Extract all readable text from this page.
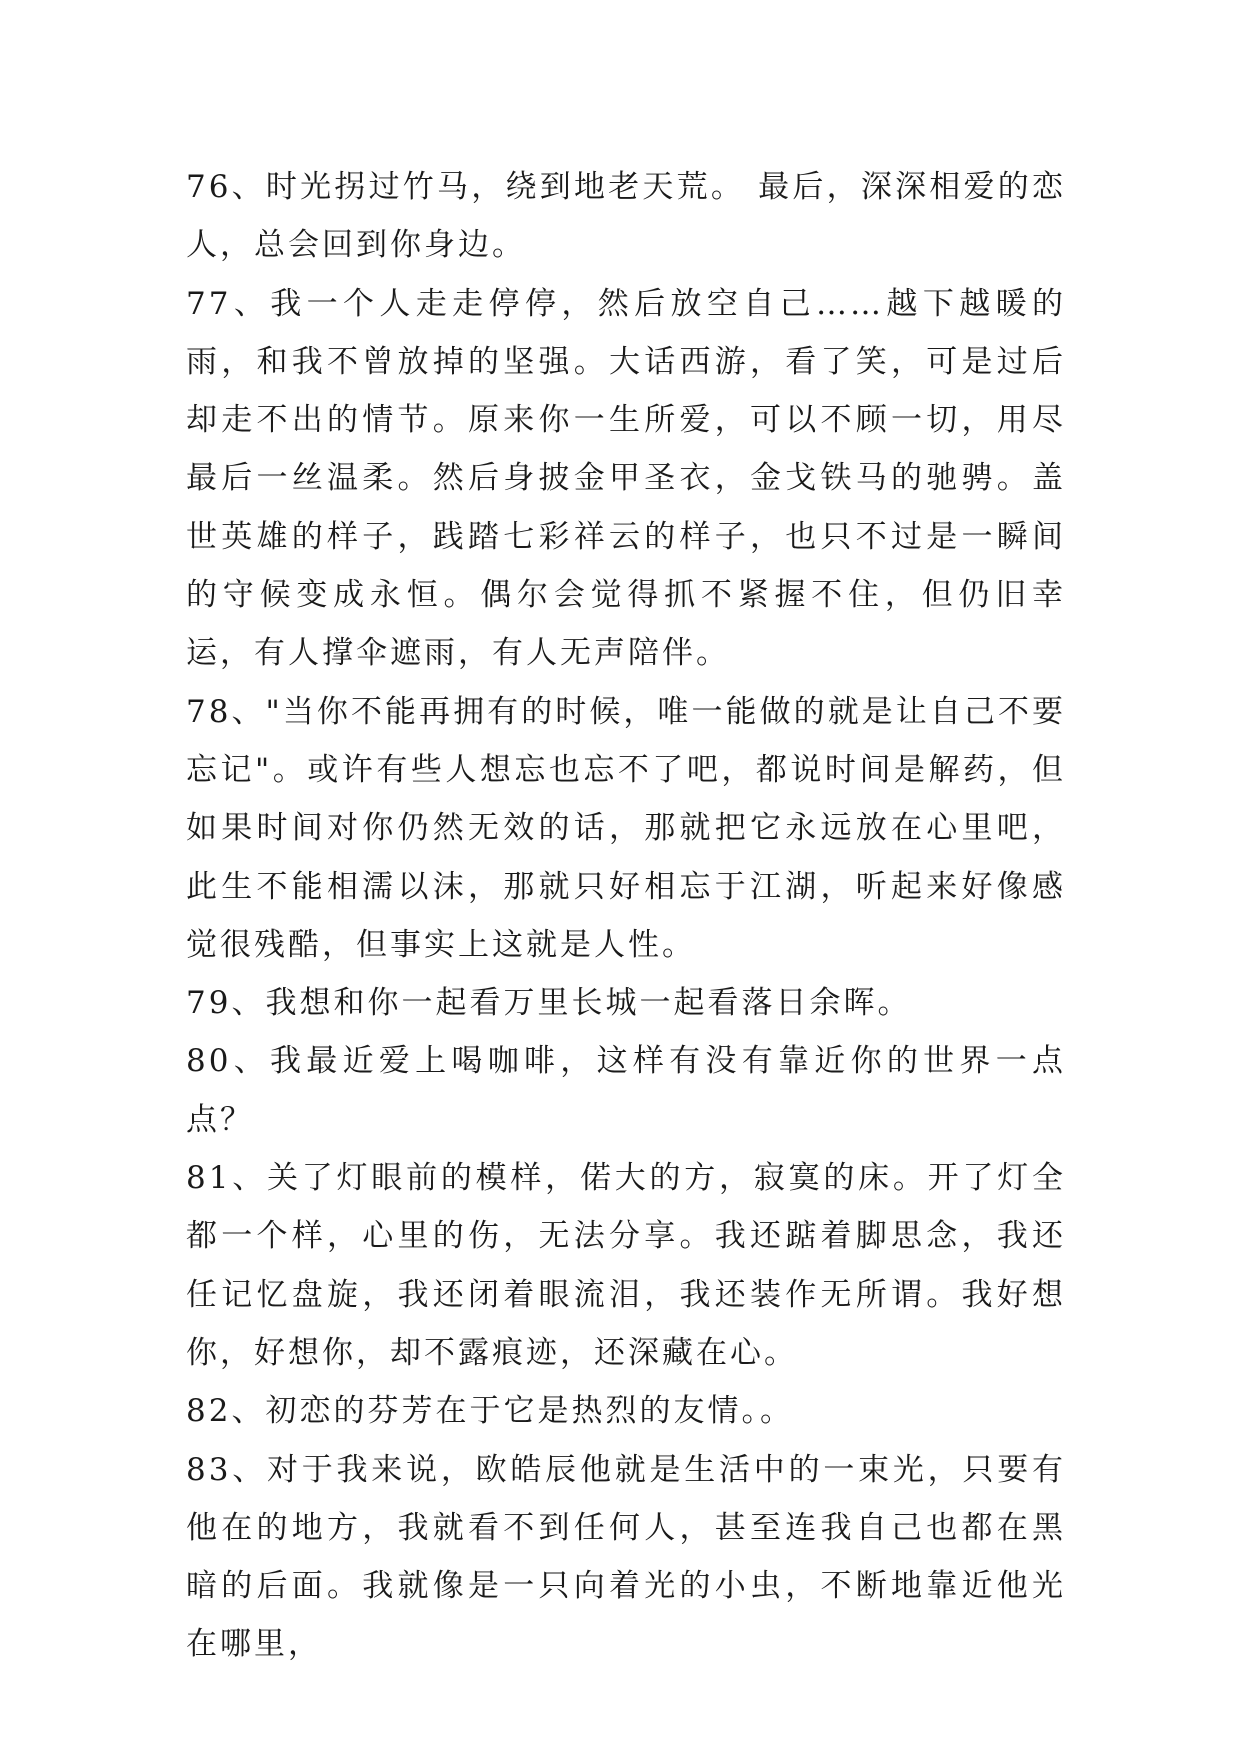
76、时光拐过竹马，绕到地老天荒。 最后，深深相爱的恋人，总会回到你身边。

77、我一个人走走停停，然后放空自己……越下越暖的雨，和我不曾放掉的坚强。大话西游，看了笑，可是过后却走不出的情节。原来你一生所爱，可以不顾一切，用尽最后一丝温柔。然后身披金甲圣衣，金戈铁马的驰骋。盖世英雄的样子，践踏七彩祥云的样子，也只不过是一瞬间的守候变成永恒。偶尔会觉得抓不紧握不住，但仍旧幸运，有人撑伞遮雨，有人无声陪伴。

78、"当你不能再拥有的时候，唯一能做的就是让自己不要忘记"。或许有些人想忘也忘不了吧，都说时间是解药，但如果时间对你仍然无效的话，那就把它永远放在心里吧，此生不能相濡以沫，那就只好相忘于江湖，听起来好像感觉很残酷，但事实上这就是人性。

79、我想和你一起看万里长城一起看落日余晖。

80、我最近爱上喝咖啡，这样有没有靠近你的世界一点点？

81、关了灯眼前的模样，偌大的方，寂寞的床。开了灯全都一个样，心里的伤，无法分享。我还踮着脚思念，我还任记忆盘旋，我还闭着眼流泪，我还装作无所谓。我好想你，好想你，却不露痕迹，还深藏在心。

82、初恋的芬芳在于它是热烈的友情。。

83、对于我来说，欧皓辰他就是生活中的一束光，只要有他在的地方，我就看不到任何人，甚至连我自己也都在黑暗的后面。我就像是一只向着光的小虫，不断地靠近他光在哪里，
